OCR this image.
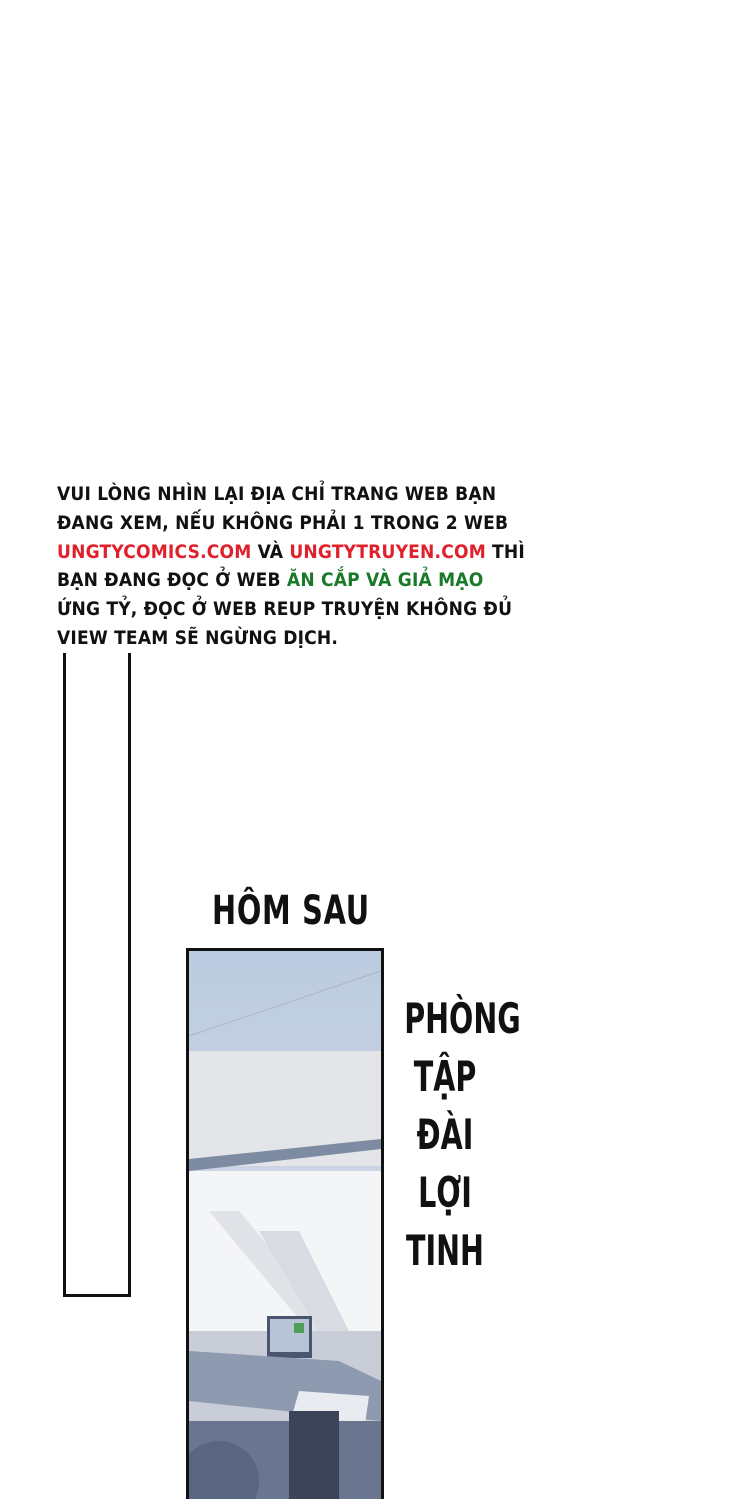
VUI LÒNG NHÌN LẠI ĐỊA CHỈ TRANG WEB BẠN
ĐANG XEM, NẾU KHÔNG PHẢI 1 TRONG 2 WEB
UNGTYCOMICS.COM VÀ UNGTYTRUYEN.COM THÌ
BẠN ĐANG ĐỌC Ở WEB ĂN CẮP VÀ GIẢ MẠO
ỨNG TỶ, ĐỌC Ở WEB REUP TRUYỆN KHÔNG ĐỦ
VIEW TEAM SẼ NGỪNG DỊCH.
HÔM SAU
PHÒNG
TẬP
ĐÀI
LỢI
TINH
